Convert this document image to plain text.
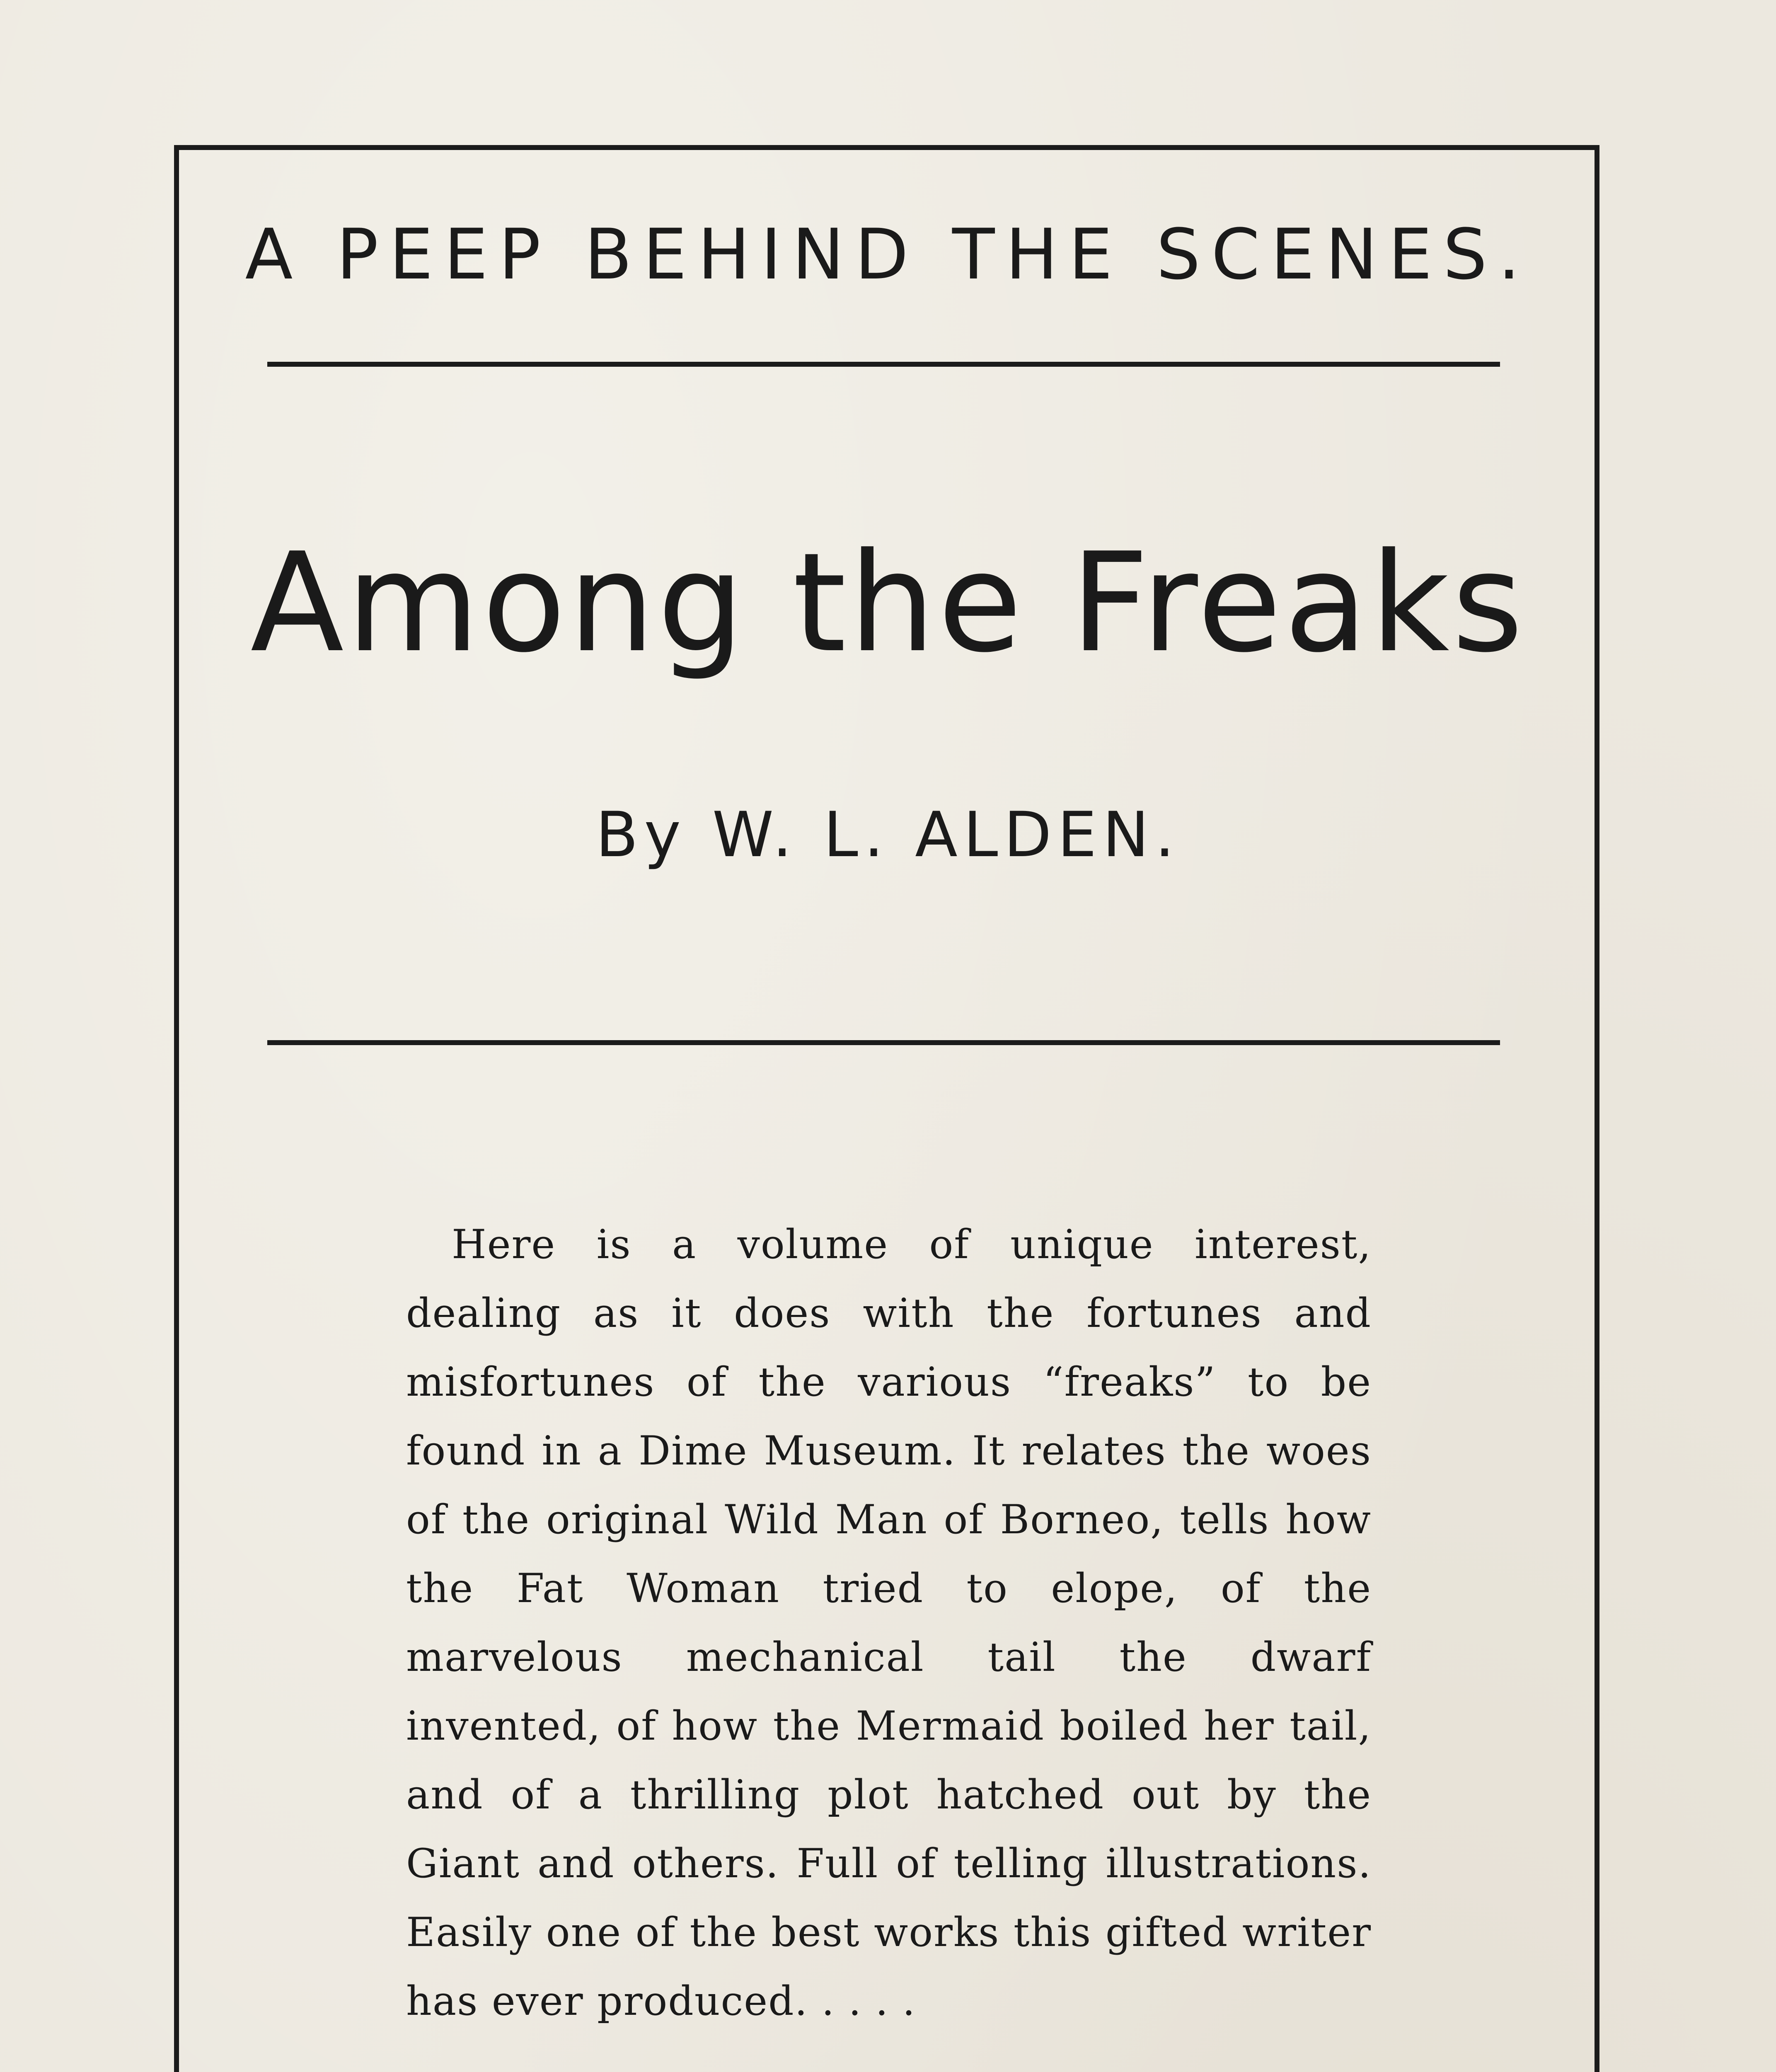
A PEEP BEHIND THE SCENES.
Among the Freaks
By W. L. ALDEN.

Here is a volume of unique interest, dealing as it does with the fortunes and misfortunes of the various “freaks” to be found in a Dime Museum. It relates the woes of the original Wild Man of Borneo, tells how the Fat Woman tried to elope, of the marvelous mechanical tail the dwarf invented, of how the Mermaid boiled her tail, and of a thrilling plot hatched out by the Giant and others. Full of telling illustrations. Easily one of the best works this gifted writer has ever produced. . . . .
